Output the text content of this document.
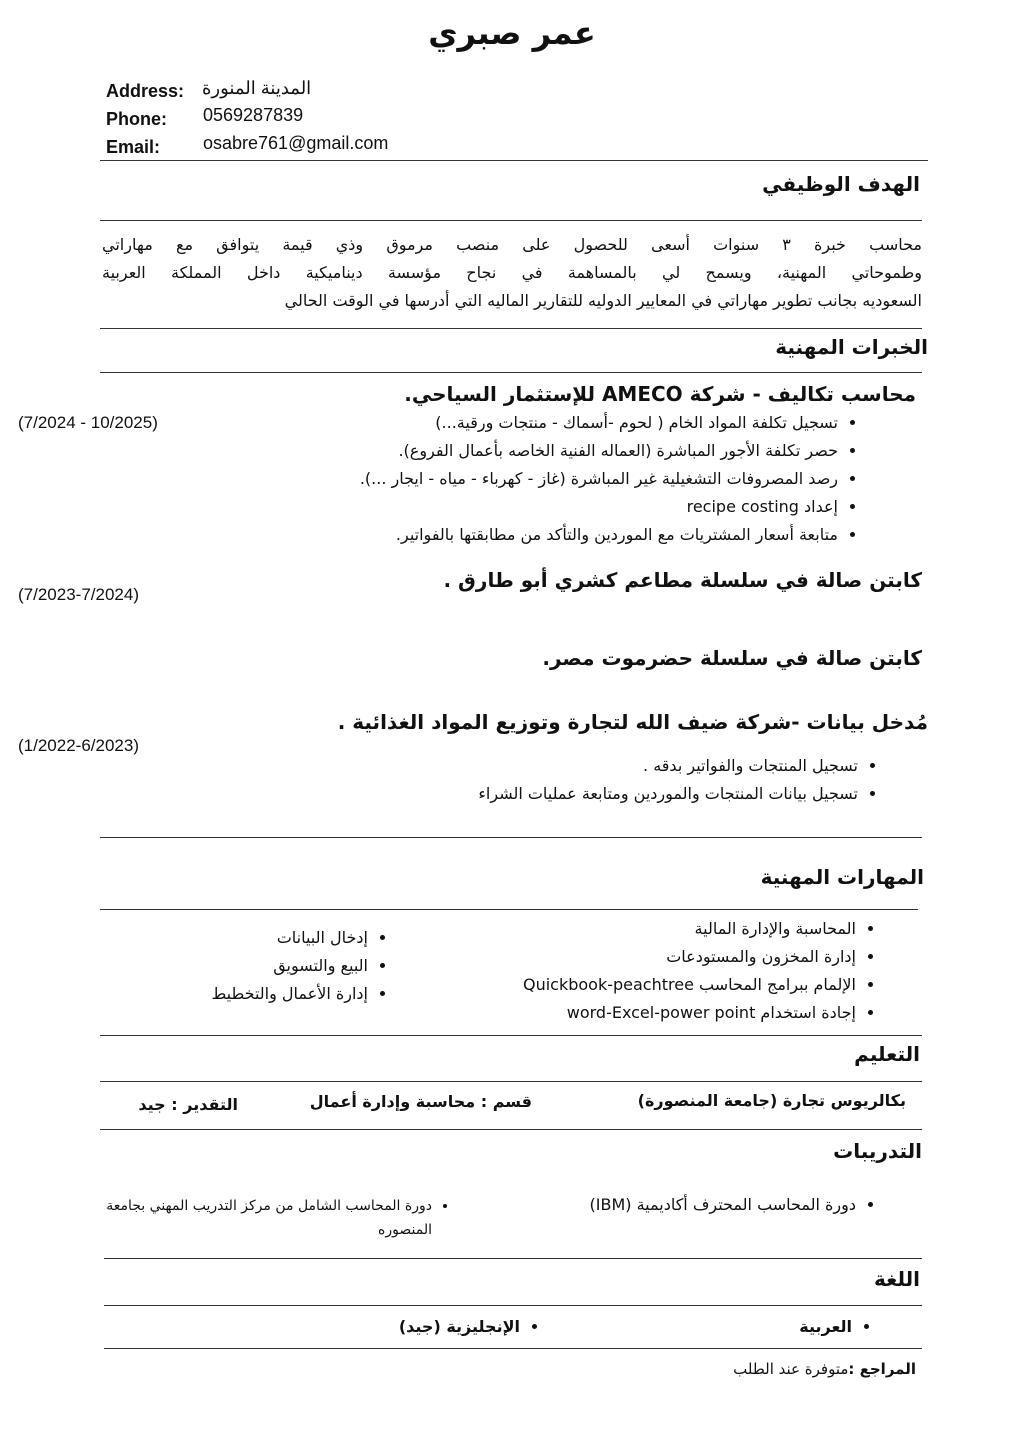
عمر صبري
Address: المدينة المنورة
Phone: 0569287839
Email: osabre761@gmail.com
الهدف الوظيفي
محاسب خبرة ٣ سنوات أسعى للحصول على منصب مرموق وذي قيمة يتوافق مع مهاراتي
وطموحاتي المهنية، ويسمح لي بالمساهمة في نجاح مؤسسة ديناميكية داخل المملكة العربية
السعوديه بجانب تطوير مهاراتي في المعايير الدوليه للتقارير الماليه التي أدرسها في الوقت الحالي
الخبرات المهنية
محاسب تكاليف - شركة AMECO للإستثمار السياحي.
(7/2024 - 10/2025)	• تسجيل تكلفة المواد الخام ( لحوم -أسماك - منتجات ورقية...)
• حصر تكلفة الأجور المباشرة (العماله الفنية الخاصه بأعمال الفروع).
• رصد المصروفات التشغيلية غير المباشرة (غاز - كهرباء - مياه - ايجار ...).
• إعداد recipe costing
• متابعة أسعار المشتريات مع الموردين والتأكد من مطابقتها بالفواتير.
كابتن صالة في سلسلة مطاعم كشري أبو طارق .
(7/2023-7/2024)
كابتن صالة في سلسلة حضرموت مصر.
مُدخل بيانات -شركة ضيف الله لتجارة وتوزيع المواد الغذائية .
(1/2022-6/2023)
• تسجيل المنتجات والفواتير بدقه .
• تسجيل بيانات المنتجات والموردين ومتابعة عمليات الشراء
المهارات المهنية
• المحاسبة والإدارة المالية
• إدارة المخزون والمستودعات
• الإلمام ببرامج المحاسب Quickbook-peachtree
• إجادة استخدام word-Excel-power point
• إدخال البيانات
• البيع والتسويق
• إدارة الأعمال والتخطيط
التعليم
بكالريوس تجارة (جامعة المنصورة)
قسم : محاسبة وإدارة أعمال
التقدير : جيد
التدريبات
• دورة المحاسب المحترف أكاديمية (IBM)
• دورة المحاسب الشامل من مركز التدريب المهني بجامعة المنصوره
اللغة
• العربية
• الإنجليزية (جيد)
المراجع :متوفرة عند الطلب
